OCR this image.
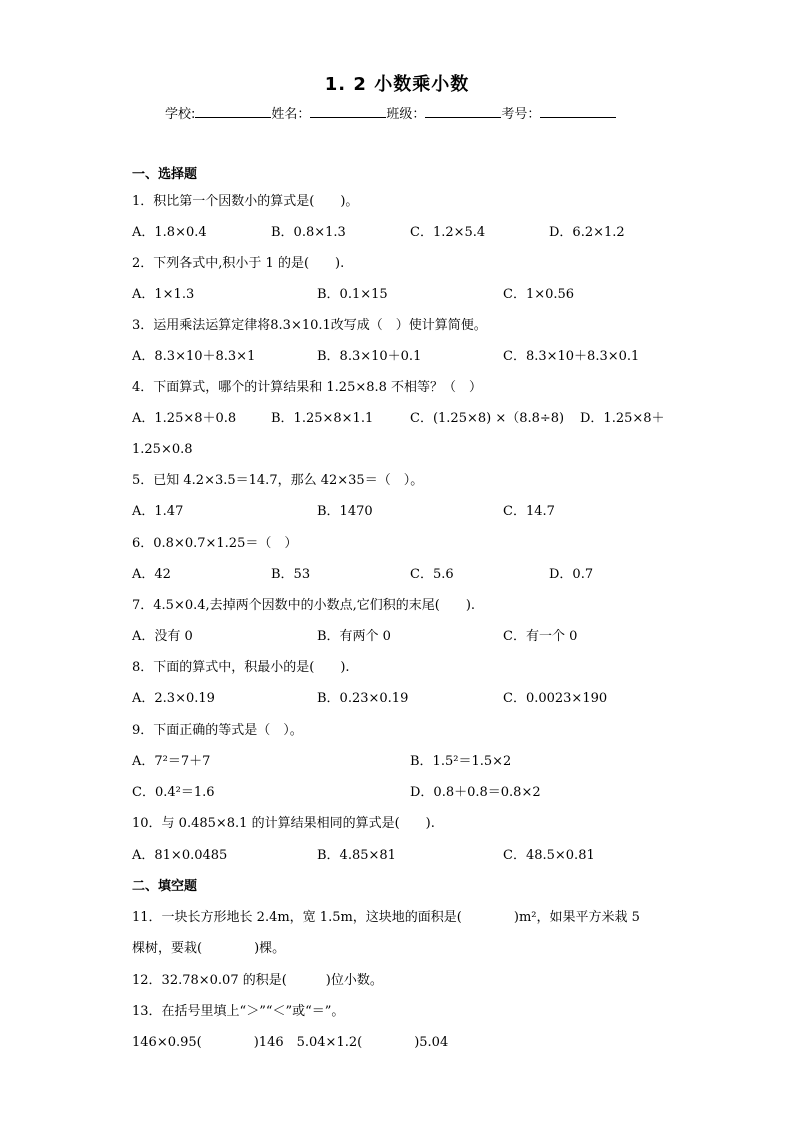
1. 2 小数乘小数
学校:	姓名：	班级：	考号：
一、选择题
1．积比第一个因数小的算式是(　　)。
A．1.8×0.4	B．0.8×1.3	C．1.2×5.4	D．6.2×1.2
2．下列各式中,积小于 1 的是(　　).
A．1×1.3	B．0.1×15	C．1×0.56
3．运用乘法运算定律将8.3×10.1改写成（　）使计算简便。
A．8.3×10＋8.3×1	B．8.3×10＋0.1	C．8.3×10＋8.3×0.1
4．下面算式，哪个的计算结果和 1.25×8.8 不相等？（　）
A．1.25×8＋0.8	B．1.25×8×1.1	C．(1.25×8) ×（8.8÷8) D．1.25×8＋
1.25×0.8
5．已知 4.2×3.5＝14.7，那么 42×35＝（　）。
A．1.47	B．1470	C．14.7
6．0.8×0.7×1.25＝（　）
A．42	B．53	C．5.6	D．0.7
7．4.5×0.4,去掉两个因数中的小数点,它们积的末尾(　　).
A．没有 0	B．有两个 0	C．有一个 0
8．下面的算式中，积最小的是(　　).
A．2.3×0.19	B．0.23×0.19	C．0.0023×190
9．下面正确的等式是（　）。
A．7²＝7＋7	B．1.5²＝1.5×2
C．0.4²＝1.6	D．0.8＋0.8＝0.8×2
10．与 0.485×8.1 的计算结果相同的算式是(　　).
A．81×0.0485	B．4.85×81	C．48.5×0.81
二、填空题
11．一块长方形地长 2.4m，宽 1.5m，这块地的面积是(　　　　)m²，如果平方米栽 5
棵树，要栽(　　　　)棵。
12．32.78×0.07 的积是(　　　)位小数。
13．在括号里填上“＞”“＜”或“＝”。
146×0.95(　　　　)146　5.04×1.2(　　　　)5.04
